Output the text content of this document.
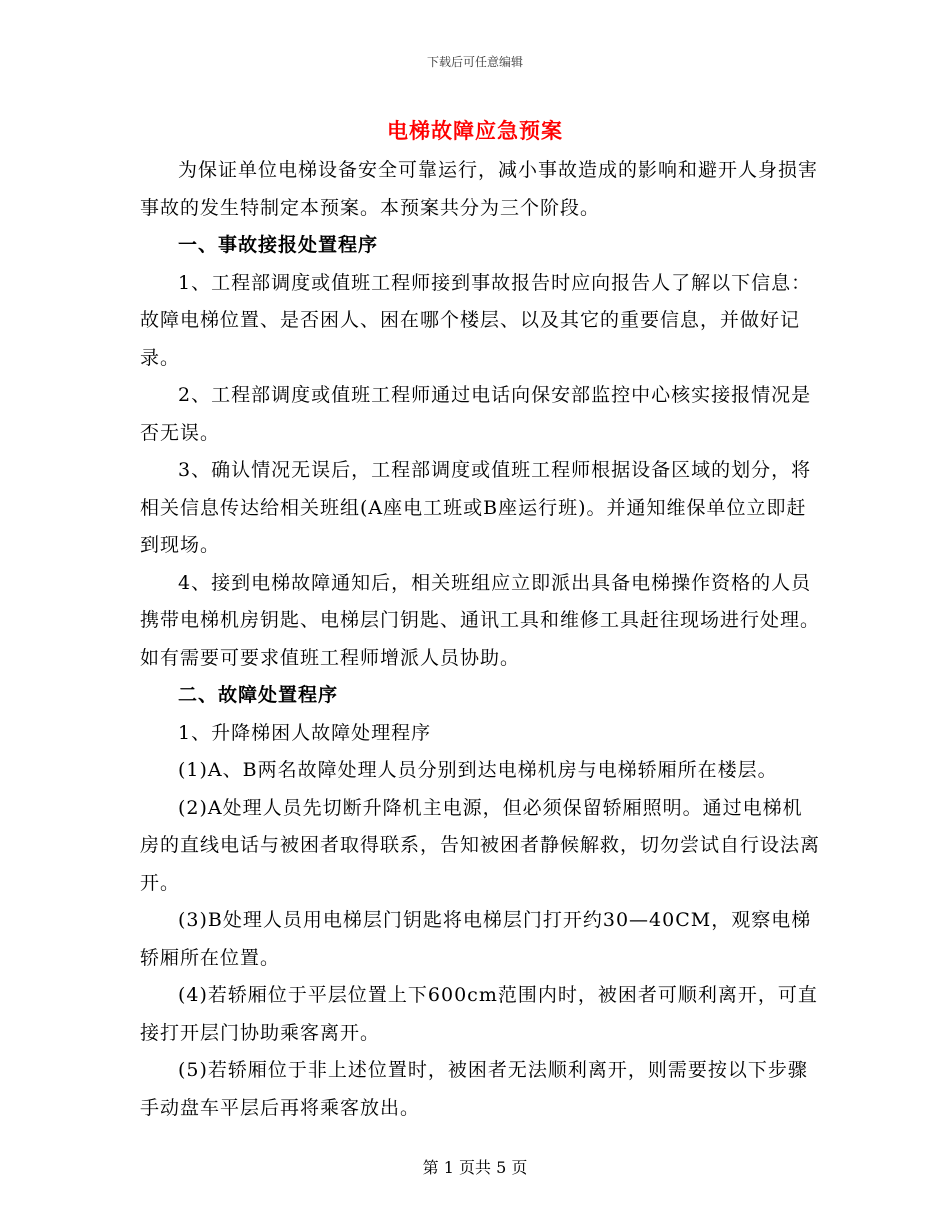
下载后可任意编辑
电梯故障应急预案

为保证单位电梯设备安全可靠运行，减小事故造成的影响和避开人身损害事故的发生特制定本预案。本预案共分为三个阶段。

一、事故接报处置程序

1、工程部调度或值班工程师接到事故报告时应向报告人了解以下信息：故障电梯位置、是否困人、困在哪个楼层、以及其它的重要信息，并做好记录。

2、工程部调度或值班工程师通过电话向保安部监控中心核实接报情况是否无误。

3、确认情况无误后，工程部调度或值班工程师根据设备区域的划分，将相关信息传达给相关班组(A座电工班或B座运行班)。并通知维保单位立即赶到现场。

4、接到电梯故障通知后，相关班组应立即派出具备电梯操作资格的人员携带电梯机房钥匙、电梯层门钥匙、通讯工具和维修工具赶往现场进行处理。如有需要可要求值班工程师增派人员协助。

二、故障处置程序

1、升降梯困人故障处理程序

(1)A、B两名故障处理人员分别到达电梯机房与电梯轿厢所在楼层。

(2)A处理人员先切断升降机主电源，但必须保留轿厢照明。通过电梯机房的直线电话与被困者取得联系，告知被困者静候解救，切勿尝试自行设法离开。

(3)B处理人员用电梯层门钥匙将电梯层门打开约30—40CM，观察电梯轿厢所在位置。

(4)若轿厢位于平层位置上下600cm范围内时，被困者可顺利离开，可直接打开层门协助乘客离开。

(5)若轿厢位于非上述位置时，被困者无法顺利离开，则需要按以下步骤手动盘车平层后再将乘客放出。

第 1 页共 5 页
